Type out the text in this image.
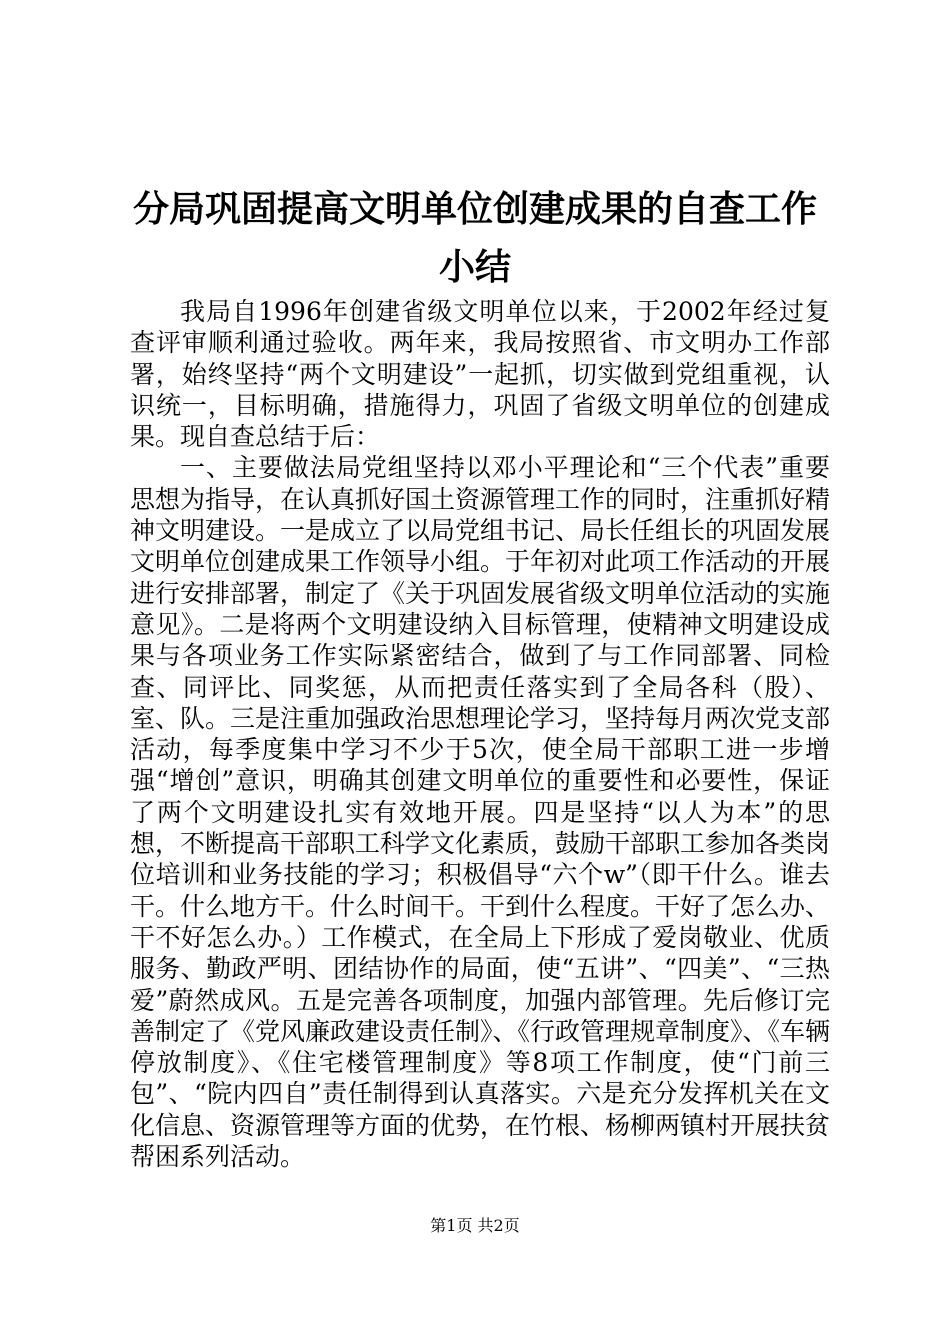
分局巩固提高文明单位创建成果的自查工作小结

我局自1996年创建省级文明单位以来，于2002年经过复查评审顺利通过验收。两年来，我局按照省、市文明办工作部署，始终坚持“两个文明建设”一起抓，切实做到党组重视，认识统一，目标明确，措施得力，巩固了省级文明单位的创建成果。现自查总结于后：

一、主要做法局党组坚持以邓小平理论和“三个代表”重要思想为指导，在认真抓好国土资源管理工作的同时，注重抓好精神文明建设。一是成立了以局党组书记、局长任组长的巩固发展文明单位创建成果工作领导小组。于年初对此项工作活动的开展进行安排部署，制定了《关于巩固发展省级文明单位活动的实施意见》。二是将两个文明建设纳入目标管理，使精神文明建设成果与各项业务工作实际紧密结合，做到了与工作同部署、同检查、同评比、同奖惩，从而把责任落实到了全局各科（股）、室、队。三是注重加强政治思想理论学习，坚持每月两次党支部活动，每季度集中学习不少于5次，使全局干部职工进一步增强“增创”意识，明确其创建文明单位的重要性和必要性，保证了两个文明建设扎实有效地开展。四是坚持“以人为本”的思想，不断提高干部职工科学文化素质，鼓励干部职工参加各类岗位培训和业务技能的学习；积极倡导“六个w”（即干什么。谁去干。什么地方干。什么时间干。干到什么程度。干好了怎么办、干不好怎么办。）工作模式，在全局上下形成了爱岗敬业、优质服务、勤政严明、团结协作的局面，使“五讲”、“四美”、“三热爱”蔚然成风。五是完善各项制度，加强内部管理。先后修订完善制定了《党风廉政建设责任制》、《行政管理规章制度》、《车辆停放制度》、《住宅楼管理制度》等8项工作制度，使“门前三包”、“院内四自”责任制得到认真落实。六是充分发挥机关在文化信息、资源管理等方面的优势，在竹根、杨柳两镇村开展扶贫帮困系列活动。

第1页 共2页
